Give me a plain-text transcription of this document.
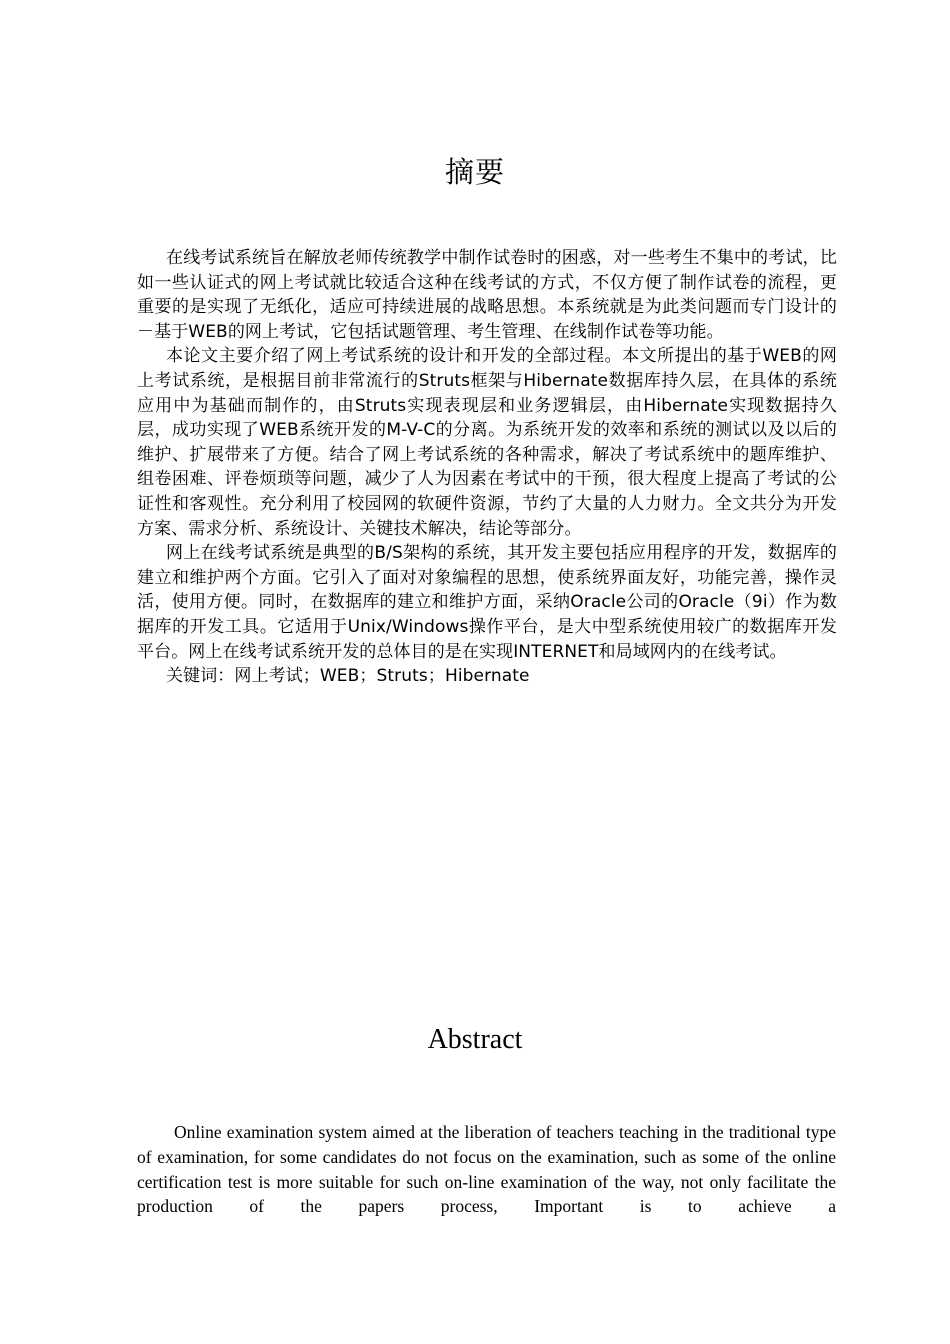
摘要

在线考试系统旨在解放老师传统教学中制作试卷时的困惑，对一些考生不集中的考试，比如一些认证式的网上考试就比较适合这种在线考试的方式，不仅方便了制作试卷的流程，更重要的是实现了无纸化，适应可持续进展的战略思想。本系统就是为此类问题而专门设计的－基于WEB的网上考试，它包括试题管理、考生管理、在线制作试卷等功能。

本论文主要介绍了网上考试系统的设计和开发的全部过程。本文所提出的基于WEB的网上考试系统，是根据目前非常流行的Struts框架与Hibernate数据库持久层，在具体的系统应用中为基础而制作的，由Struts实现表现层和业务逻辑层，由Hibernate实现数据持久层，成功实现了WEB系统开发的M-V-C的分离。为系统开发的效率和系统的测试以及以后的维护、扩展带来了方便。结合了网上考试系统的各种需求，解决了考试系统中的题库维护、组卷困难、评卷烦琐等问题，减少了人为因素在考试中的干预，很大程度上提高了考试的公证性和客观性。充分利用了校园网的软硬件资源，节约了大量的人力财力。全文共分为开发方案、需求分析、系统设计、关键技术解决，结论等部分。

网上在线考试系统是典型的B/S架构的系统，其开发主要包括应用程序的开发，数据库的建立和维护两个方面。它引入了面对对象编程的思想，使系统界面友好，功能完善，操作灵活，使用方便。同时，在数据库的建立和维护方面，采纳Oracle公司的Oracle（9i）作为数据库的开发工具。它适用于Unix/Windows操作平台，是大中型系统使用较广的数据库开发平台。网上在线考试系统开发的总体目的是在实现INTERNET和局域网内的在线考试。

关键词：网上考试；WEB；Struts；Hibernate

Abstract

Online examination system aimed at the liberation of teachers teaching in the traditional type of examination, for some candidates do not focus on the examination, such as some of the online certification test is more suitable for such on-line examination of the way, not only facilitate the production of the papers process, Important is to achieve a
